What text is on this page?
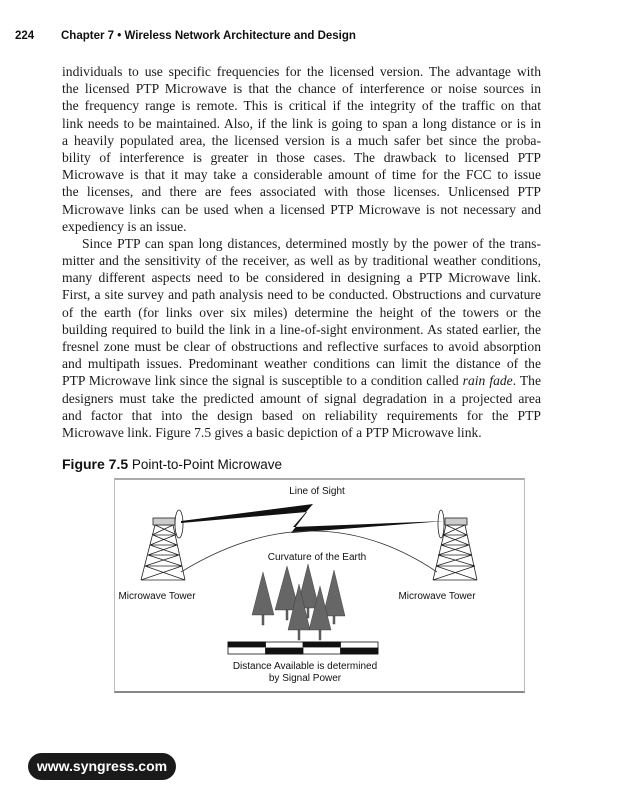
224 Chapter 7 • Wireless Network Architecture and Design
individuals to use specific frequencies for the licensed version. The advantage with
the licensed PTP Microwave is that the chance of interference or noise sources in
the frequency range is remote. This is critical if the integrity of the traffic on that
link needs to be maintained. Also, if the link is going to span a long distance or is in
a heavily populated area, the licensed version is a much safer bet since the proba-
bility of interference is greater in those cases. The drawback to licensed PTP
Microwave is that it may take a considerable amount of time for the FCC to issue
the licenses, and there are fees associated with those licenses. Unlicensed PTP
Microwave links can be used when a licensed PTP Microwave is not necessary and
expediency is an issue.
Since PTP can span long distances, determined mostly by the power of the trans-
mitter and the sensitivity of the receiver, as well as by traditional weather conditions,
many different aspects need to be considered in designing a PTP Microwave link.
First, a site survey and path analysis need to be conducted. Obstructions and curvature
of the earth (for links over six miles) determine the height of the towers or the
building required to build the link in a line-of-sight environment. As stated earlier, the
fresnel zone must be clear of obstructions and reflective surfaces to avoid absorption
and multipath issues. Predominant weather conditions can limit the distance of the
PTP Microwave link since the signal is susceptible to a condition called rain fade. The
designers must take the predicted amount of signal degradation in a projected area
and factor that into the design based on reliability requirements for the PTP
Microwave link. Figure 7.5 gives a basic depiction of a PTP Microwave link.
Figure 7.5 Point-to-Point Microwave
Line of Sight
Curvature of the Earth
Microwave Tower	Microwave Tower
Distance Available is determined
by Signal Power
www.syngress.com
